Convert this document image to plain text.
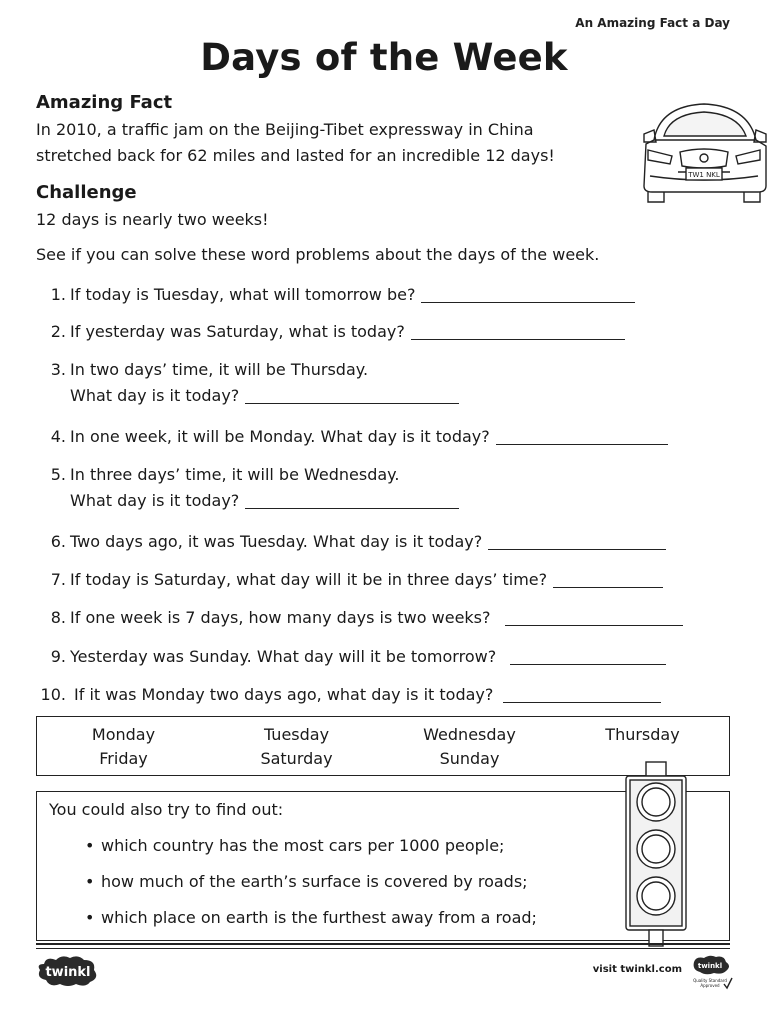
An Amazing Fact a Day
Days of the Week
Amazing Fact
In 2010, a traffic jam on the Beijing-Tibet expressway in China
stretched back for 62 miles and lasted for an incredible 12 days!
TW1 NKL
Challenge
12 days is nearly two weeks!
See if you can solve these word problems about the days of the week.
1. If today is Tuesday, what will tomorrow be?
2. If yesterday was Saturday, what is today?
3. In two days’ time, it will be Thursday.
What day is it today?
4. In one week, it will be Monday. What day is it today?
5. In three days’ time, it will be Wednesday.
What day is it today?
6. Two days ago, it was Tuesday. What day is it today?
7. If today is Saturday, what day will it be in three days’ time?
8. If one week is 7 days, how many days is two weeks?
9. Yesterday was Sunday. What day will it be tomorrow?
10. If it was Monday two days ago, what day is it today?
Monday	Tuesday	Wednesday	Thursday
Friday	Saturday	Sunday
You could also try to find out:
• which country has the most cars per 1000 people;
• how much of the earth’s surface is covered by roads;
• which place on earth is the furthest away from a road;
twinkl	visit twinkl.com twinkl
Quality Standard
Approved
